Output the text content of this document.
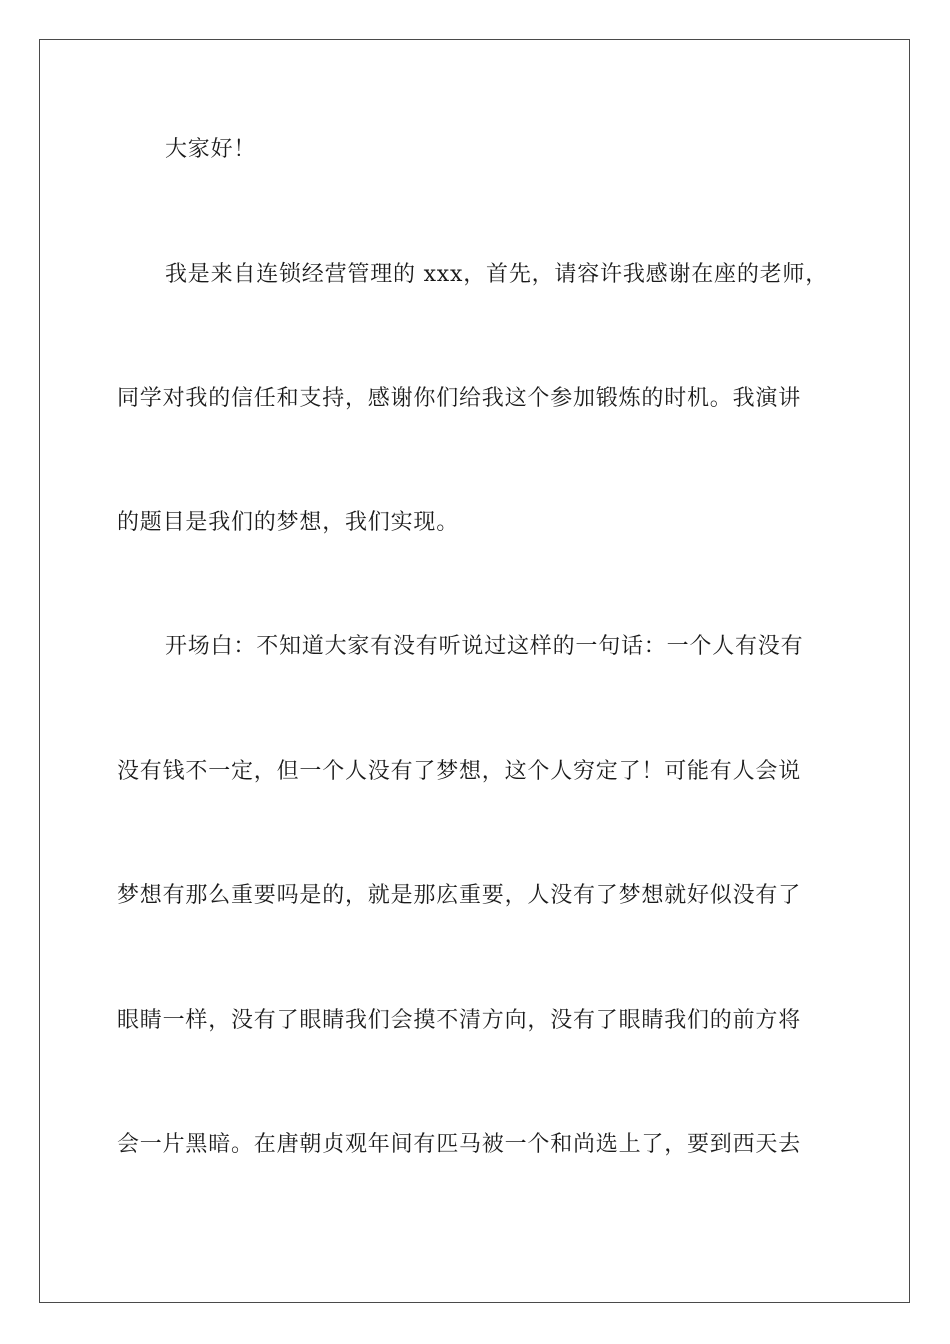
大家好！
我是来自连锁经营管理的 xxx，首先，请容许我感谢在座的老师，
同学对我的信任和支持，感谢你们给我这个参加锻炼的时机。我演讲
的题目是我们的梦想，我们实现。
开场白：不知道大家有没有听说过这样的一句话：一个人有没有
没有钱不一定，但一个人没有了梦想，这个人穷定了！可能有人会说
梦想有那么重要吗是的，就是那庅重要，人没有了梦想就好似没有了
眼睛一样，没有了眼睛我们会摸不清方向，没有了眼睛我们的前方将
会一片黑暗。在唐朝贞观年间有匹马被一个和尚选上了，要到西天去
